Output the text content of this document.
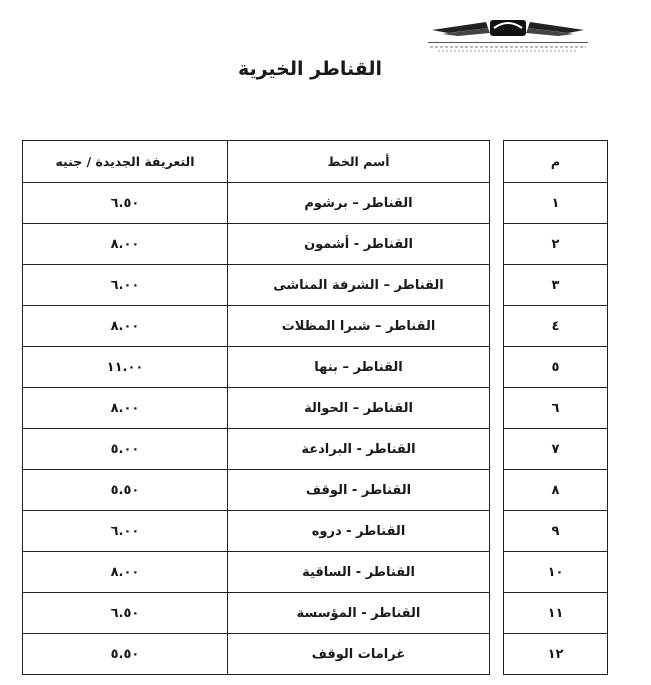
القناطر الخيرية
م		أسم الخط	التعريفة الجديدة / جنيه
١		القناطر – برشوم	٦.٥٠
٢		القناطر - أشمون	٨.٠٠
٣		القناطر – الشرفة المناشى	٦.٠٠
٤		القناطر – شبرا المظلات	٨.٠٠
٥		القناطر – بنها	١١.٠٠
٦		القناطر – الحوالة	٨.٠٠
٧		القناطر - البرادعة	٥.٠٠
٨		القناطر - الوقف	٥.٥٠
٩		القناطر - دروه	٦.٠٠
١٠		القناطر - الساقية	٨.٠٠
١١		القناطر - المؤسسة	٦.٥٠
١٢		غرامات الوقف	٥.٥٠
